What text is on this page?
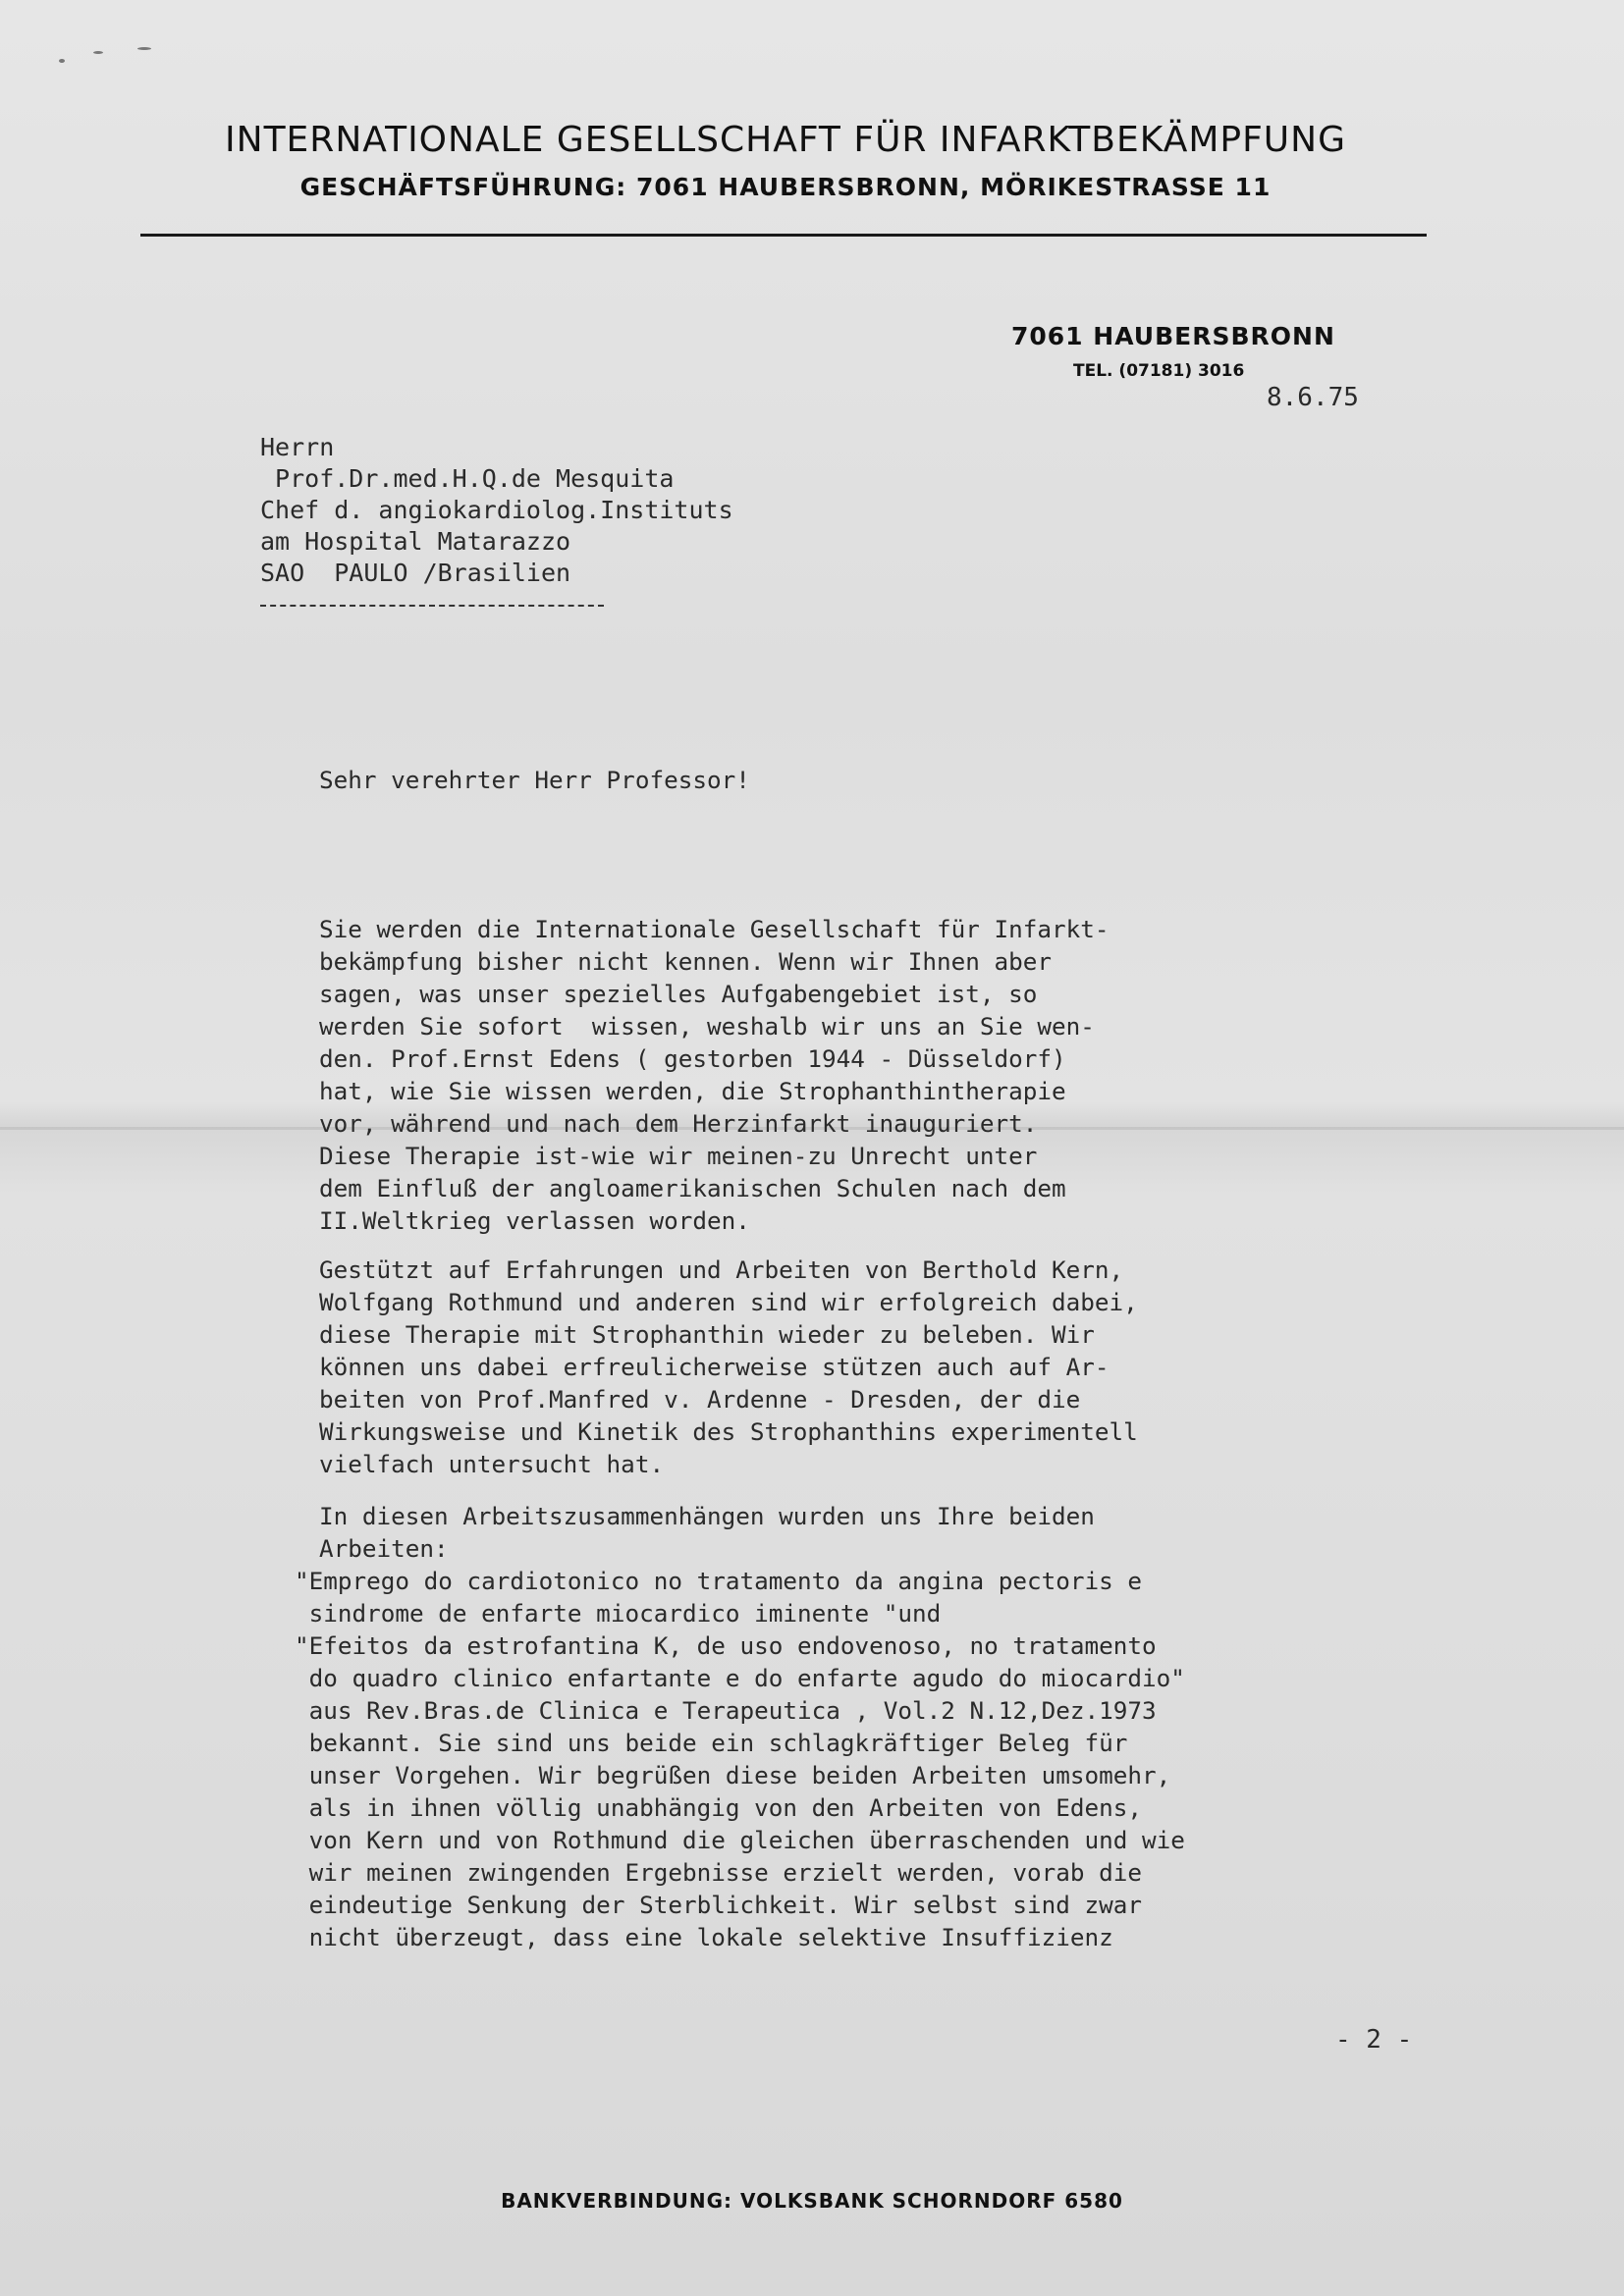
INTERNATIONALE GESELLSCHAFT FÜR INFARKTBEKÄMPFUNG
GESCHÄFTSFÜHRUNG: 7061 HAUBERSBRONN, MÖRIKESTRASSE 11
7061 HAUBERSBRONN
TEL. (07181) 3016
8.6.75
Herrn
Prof.Dr.med.H.Q.de Mesquita
Chef d. angiokardiolog.Instituts
am Hospital Matarazzo
SAO  PAULO /Brasilien
Sehr verehrter Herr Professor!
Sie werden die Internationale Gesellschaft für Infarkt-
bekämpfung bisher nicht kennen. Wenn wir Ihnen aber
sagen, was unser spezielles Aufgabengebiet ist, so
werden Sie sofort  wissen, weshalb wir uns an Sie wen-
den. Prof.Ernst Edens ( gestorben 1944 - Düsseldorf)
hat, wie Sie wissen werden, die Strophanthintherapie
vor, während und nach dem Herzinfarkt inauguriert.
Diese Therapie ist-wie wir meinen-zu Unrecht unter
dem Einfluß der angloamerikanischen Schulen nach dem
II.Weltkrieg verlassen worden.
Gestützt auf Erfahrungen und Arbeiten von Berthold Kern,
Wolfgang Rothmund und anderen sind wir erfolgreich dabei,
diese Therapie mit Strophanthin wieder zu beleben. Wir
können uns dabei erfreulicherweise stützen auch auf Ar-
beiten von Prof.Manfred v. Ardenne - Dresden, der die
Wirkungsweise und Kinetik des Strophanthins experimentell
vielfach untersucht hat.
In diesen Arbeitszusammenhängen wurden uns Ihre beiden
Arbeiten:
"Emprego do cardiotonico no tratamento da angina pectoris e
sindrome de enfarte miocardico iminente "und
"Efeitos da estrofantina K, de uso endovenoso, no tratamento
do quadro clinico enfartante e do enfarte agudo do miocardio"
aus Rev.Bras.de Clinica e Terapeutica , Vol.2 N.12,Dez.1973
bekannt. Sie sind uns beide ein schlagkräftiger Beleg für
unser Vorgehen. Wir begrüßen diese beiden Arbeiten umsomehr,
als in ihnen völlig unabhängig von den Arbeiten von Edens,
von Kern und von Rothmund die gleichen überraschenden und wie
wir meinen zwingenden Ergebnisse erzielt werden, vorab die
eindeutige Senkung der Sterblichkeit. Wir selbst sind zwar
nicht überzeugt, dass eine lokale selektive Insuffizienz
- 2 -
BANKVERBINDUNG: VOLKSBANK SCHORNDORF 6580
